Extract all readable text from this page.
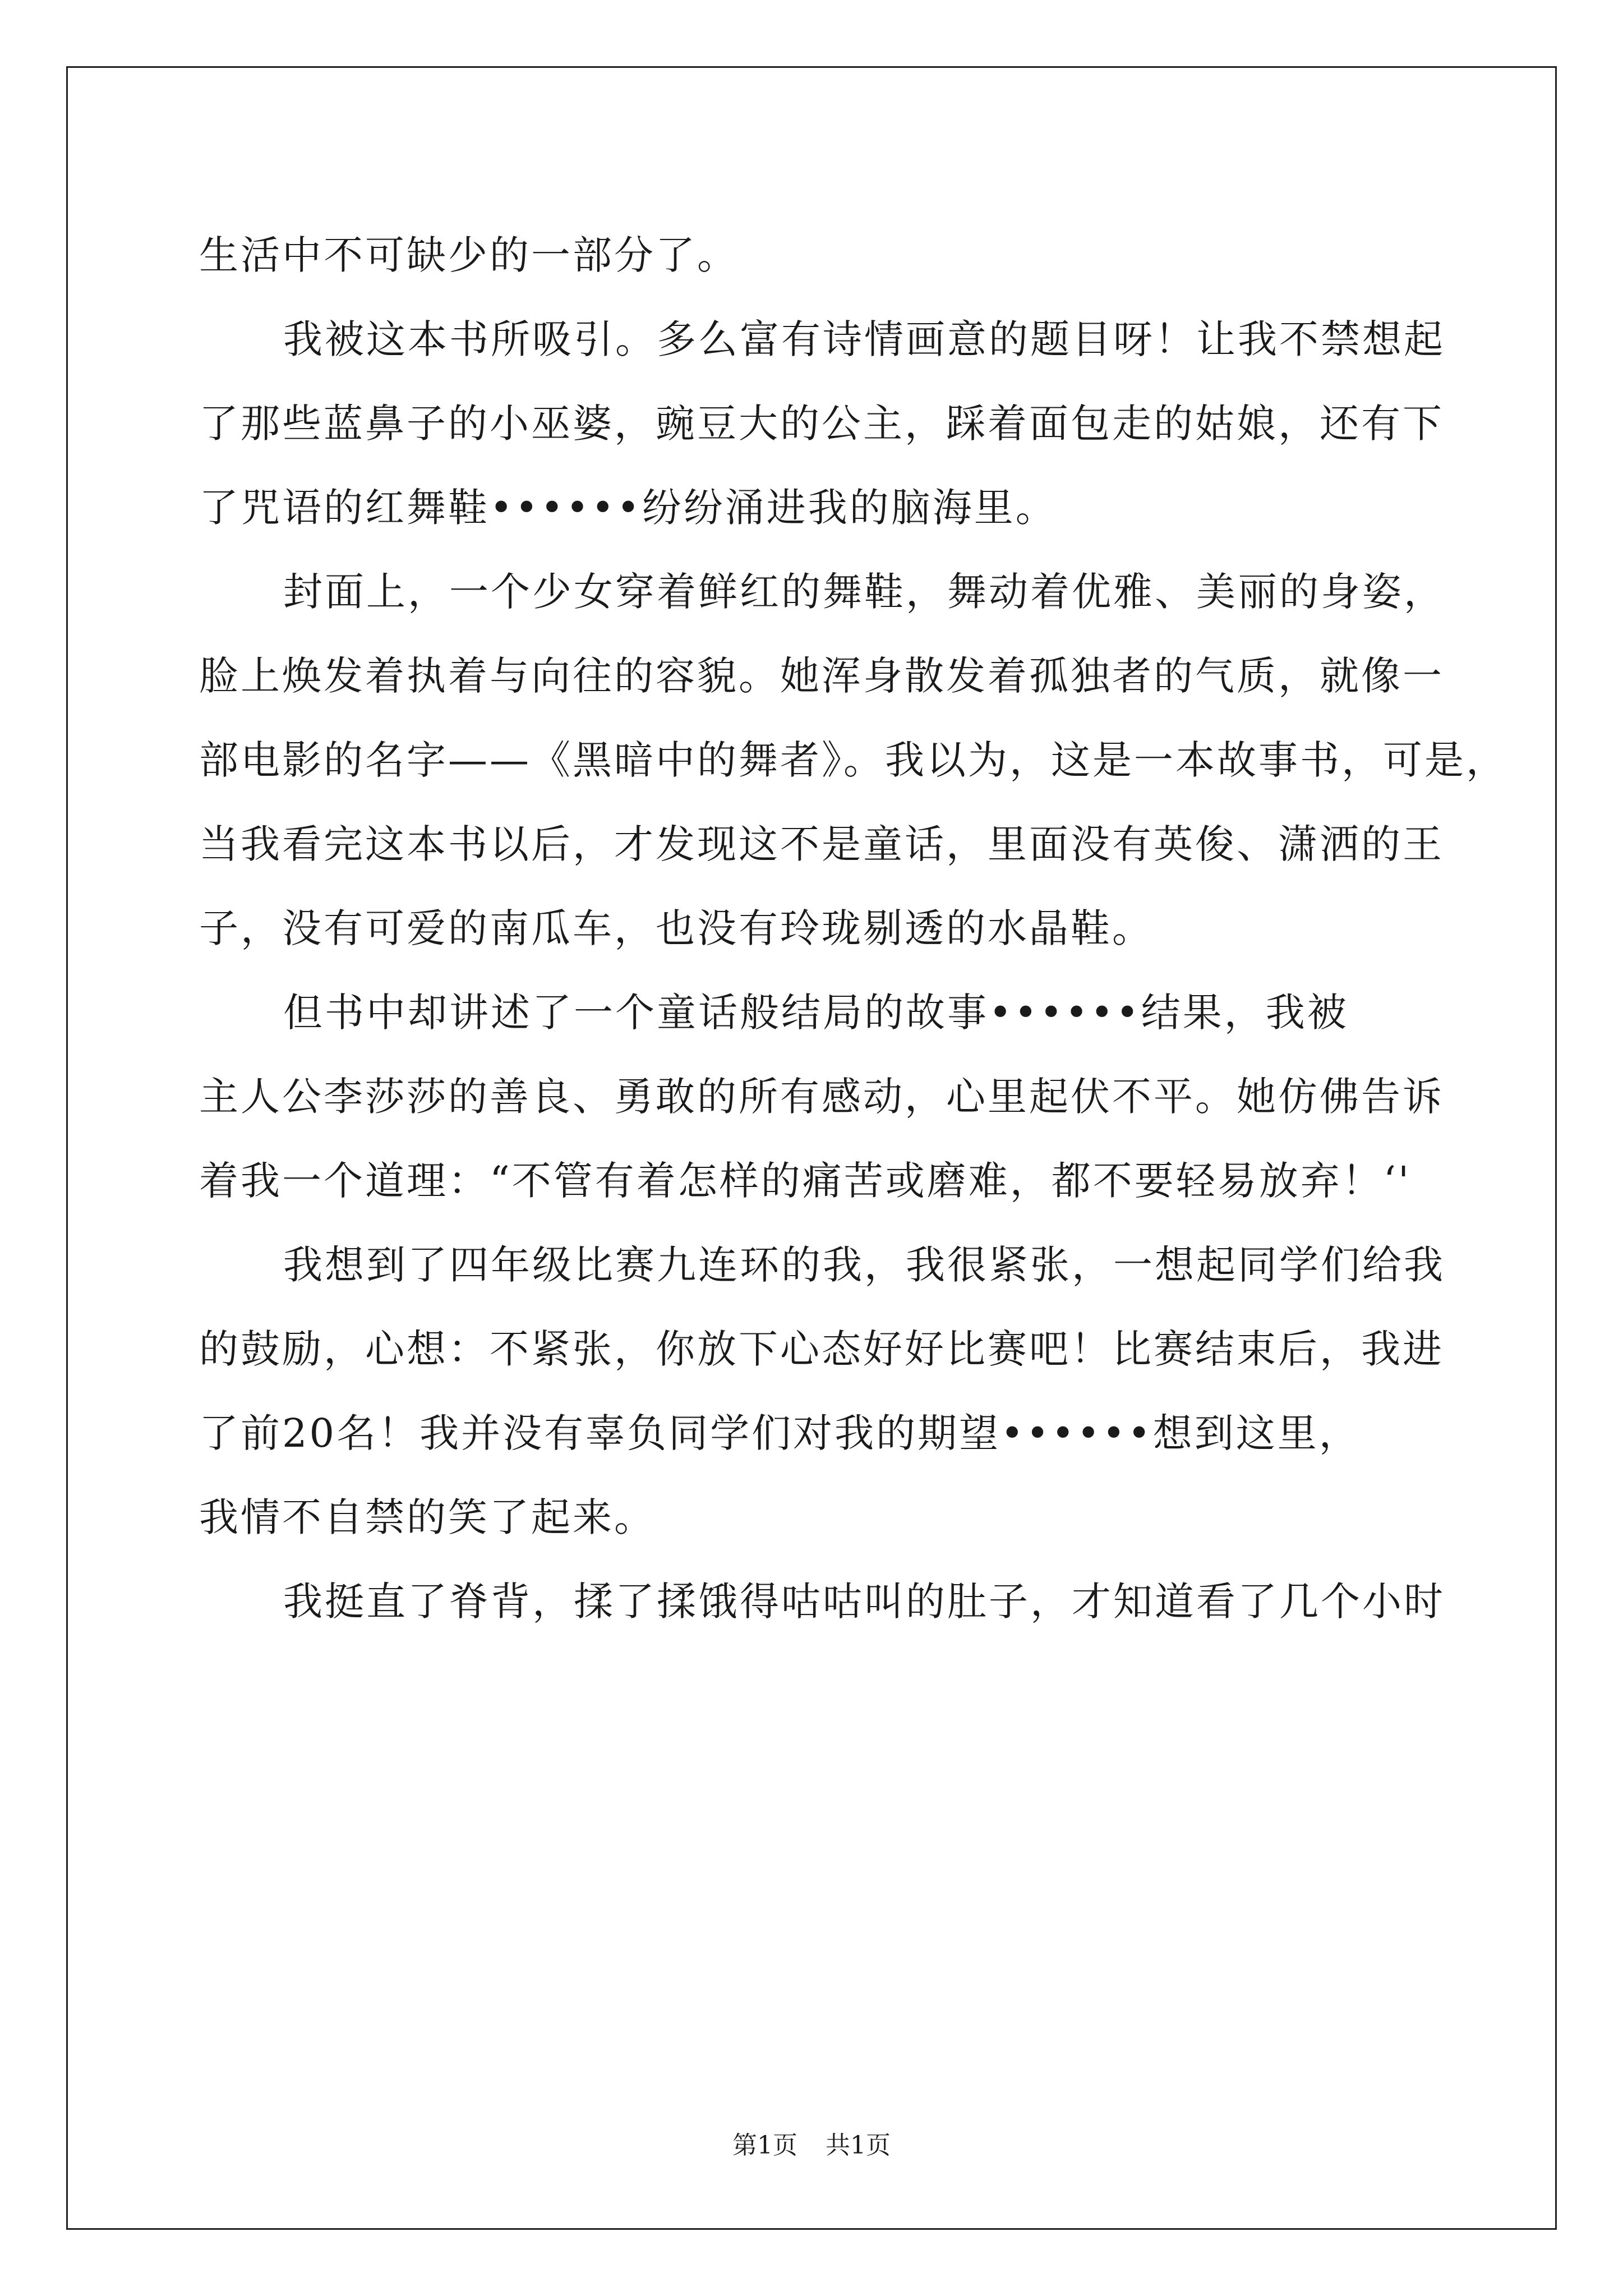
生活中不可缺少的一部分了。
我被这本书所吸引。多么富有诗情画意的题目呀！让我不禁想起
了那些蓝鼻子的小巫婆，豌豆大的公主，踩着面包走的姑娘，还有下
了咒语的红舞鞋••••••纷纷涌进我的脑海里。
封面上，一个少女穿着鲜红的舞鞋，舞动着优雅、美丽的身姿，
脸上焕发着执着与向往的容貌。她浑身散发着孤独者的气质，就像一
部电影的名字——《黑暗中的舞者》。我以为，这是一本故事书，可是，
当我看完这本书以后，才发现这不是童话，里面没有英俊、潇洒的王
子，没有可爱的南瓜车，也没有玲珑剔透的水晶鞋。
但书中却讲述了一个童话般结局的故事••••••结果，我被
主人公李莎莎的善良、勇敢的所有感动，心里起伏不平。她仿佛告诉
着我一个道理：“不管有着怎样的痛苦或磨难，都不要轻易放弃！‘'
我想到了四年级比赛九连环的我，我很紧张，一想起同学们给我
的鼓励，心想：不紧张，你放下心态好好比赛吧！比赛结束后，我进
了前20名！我并没有辜负同学们对我的期望••••••想到这里，
我情不自禁的笑了起来。
我挺直了脊背，揉了揉饿得咕咕叫的肚子，才知道看了几个小时
第1页 共1页
